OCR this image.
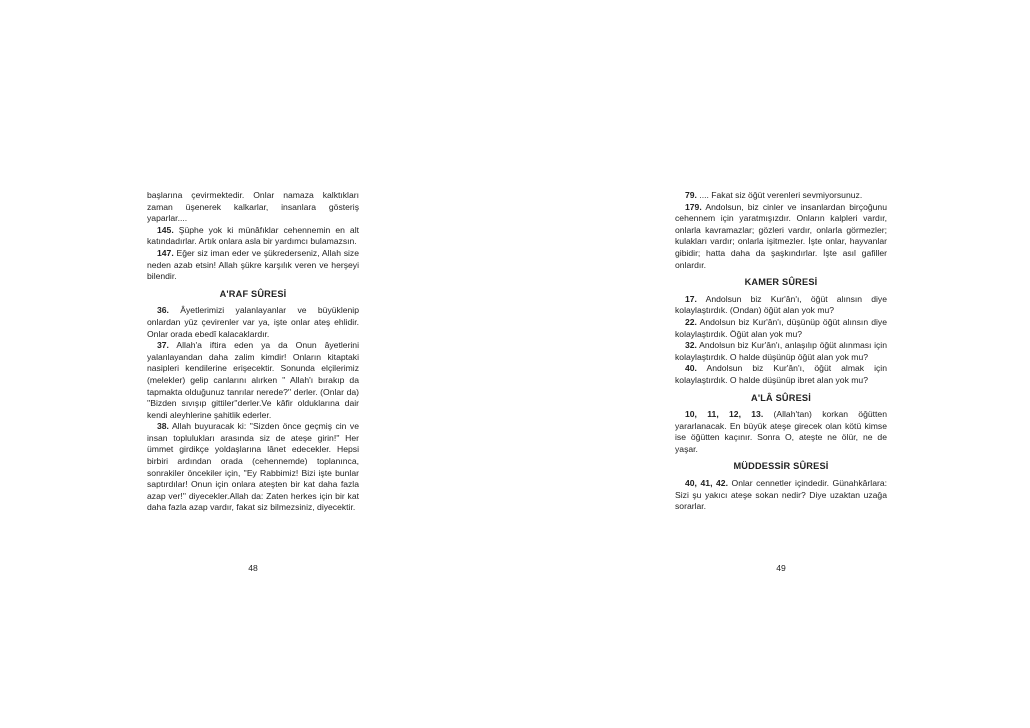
başlarına çevirmektedir. Onlar namaza kalktıkları zaman üşenerek kalkarlar, insanlara gösteriş yaparlar....

145. Şüphe yok ki münâfıklar cehennemin en alt katındadırlar. Artık onlara asla bir yardımcı bulamazsın.

147. Eğer siz iman eder ve şükrederseniz, Allah size neden azab etsin! Allah şükre karşılık veren ve herşeyi bilendir.

A'RAF SÛRESİ

36. Âyetlerimizi yalanlayanlar ve büyüklenip onlardan yüz çevirenler var ya, işte onlar ateş ehlidir. Onlar orada ebedî kalacaklardır.

37. Allah'a iftira eden ya da Onun âyetlerini yalanlayandan daha zalim kimdir! Onların kitaptaki nasipleri kendilerine erişecektir. Sonunda elçilerimiz (melekler) gelip canlarını alırken '' Allah'ı bırakıp da tapmakta olduğunuz tanrılar nerede?'' derler. (Onlar da) ''Bizden sıvışıp gittiler''derler.Ve kâfir olduklarına dair kendi aleyhlerine şahitlik ederler.

38. Allah buyuracak ki: ''Sizden önce geçmiş cin ve insan toplulukları arasında siz de ateşe girin!'' Her ümmet girdikçe yoldaşlarına lânet edecekler. Hepsi birbiri ardından orada (cehennemde) toplanınca, sonrakiler öncekiler için, ''Ey Rabbimiz! Bizi işte bunlar saptırdılar! Onun için onlara ateşten bir kat daha fazla azap ver!'' diyecekler.Allah da: Zaten herkes için bir kat daha fazla azap vardır, fakat siz bilmezsiniz, diyecektir.

48

79. .... Fakat siz öğüt verenleri sevmiyorsunuz.

179. Andolsun, biz cinler ve insanlardan birçoğunu cehennem için yaratmışızdır. Onların kalpleri vardır, onlarla kavramazlar; gözleri vardır, onlarla görmezler; kulakları vardır; onlarla işitmezler. İşte onlar, hayvanlar gibidir; hatta daha da şaşkındırlar. İşte asıl gafiller onlardır.

KAMER SÛRESİ

17. Andolsun biz Kur'ân'ı, öğüt alınsın diye kolaylaştırdık. (Ondan) öğüt alan yok mu?

22. Andolsun biz Kur'ân'ı, düşünüp öğüt alınsın diye kolaylaştırdık. Öğüt alan yok mu?

32. Andolsun biz Kur'ân'ı, anlaşılıp öğüt alınması için kolaylaştırdık. O halde düşünüp öğüt alan yok mu?

40. Andolsun biz Kur'ân'ı, öğüt almak için kolaylaştırdık. O halde düşünüp ibret alan yok mu?

A'LÂ SÛRESİ

10, 11, 12, 13. (Allah'tan) korkan öğütten yararlanacak. En büyük ateşe girecek olan kötü kimse ise öğütten kaçınır. Sonra O, ateşte ne ölür, ne de yaşar.

MÜDDESSİR SÛRESİ

40, 41, 42. Onlar cennetler içindedir. Günahkârlara: Sizi şu yakıcı ateşe sokan nedir? Diye uzaktan uzağa sorarlar.

49
